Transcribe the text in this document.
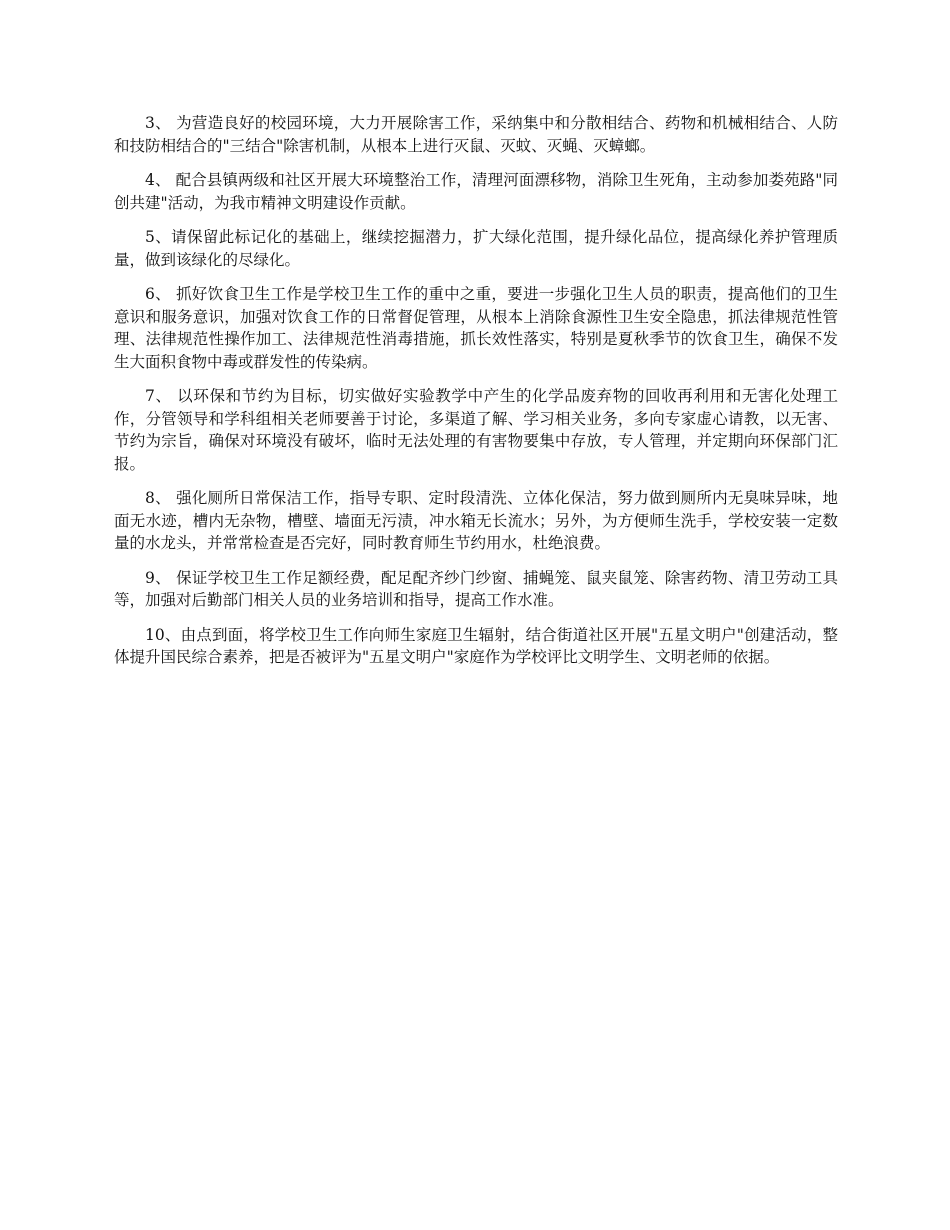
3、 为营造良好的校园环境，大力开展除害工作，采纳集中和分散相结合、药物和机械相结合、人防和技防相结合的"三结合"除害机制，从根本上进行灭鼠、灭蚊、灭蝇、灭蟑螂。

4、 配合县镇两级和社区开展大环境整治工作，清理河面漂移物，消除卫生死角，主动参加娄苑路"同创共建"活动，为我市精神文明建设作贡献。

5、请保留此标记化的基础上，继续挖掘潜力，扩大绿化范围，提升绿化品位，提高绿化养护管理质量，做到该绿化的尽绿化。

6、 抓好饮食卫生工作是学校卫生工作的重中之重，要进一步强化卫生人员的职责，提高他们的卫生意识和服务意识，加强对饮食工作的日常督促管理，从根本上消除食源性卫生安全隐患，抓法律规范性管理、法律规范性操作加工、法律规范性消毒措施，抓长效性落实，特别是夏秋季节的饮食卫生，确保不发生大面积食物中毒或群发性的传染病。

7、 以环保和节约为目标，切实做好实验教学中产生的化学品废弃物的回收再利用和无害化处理工作，分管领导和学科组相关老师要善于讨论，多渠道了解、学习相关业务，多向专家虚心请教，以无害、节约为宗旨，确保对环境没有破坏，临时无法处理的有害物要集中存放，专人管理，并定期向环保部门汇报。

8、 强化厕所日常保洁工作，指导专职、定时段清洗、立体化保洁，努力做到厕所内无臭味异味，地面无水迹，槽内无杂物，槽壁、墙面无污渍，冲水箱无长流水；另外，为方便师生洗手，学校安装一定数量的水龙头，并常常检查是否完好，同时教育师生节约用水，杜绝浪费。

9、 保证学校卫生工作足额经费，配足配齐纱门纱窗、捕蝇笼、鼠夹鼠笼、除害药物、清卫劳动工具等，加强对后勤部门相关人员的业务培训和指导，提高工作水准。

10、由点到面，将学校卫生工作向师生家庭卫生辐射，结合街道社区开展"五星文明户"创建活动，整体提升国民综合素养，把是否被评为"五星文明户"家庭作为学校评比文明学生、文明老师的依据。
